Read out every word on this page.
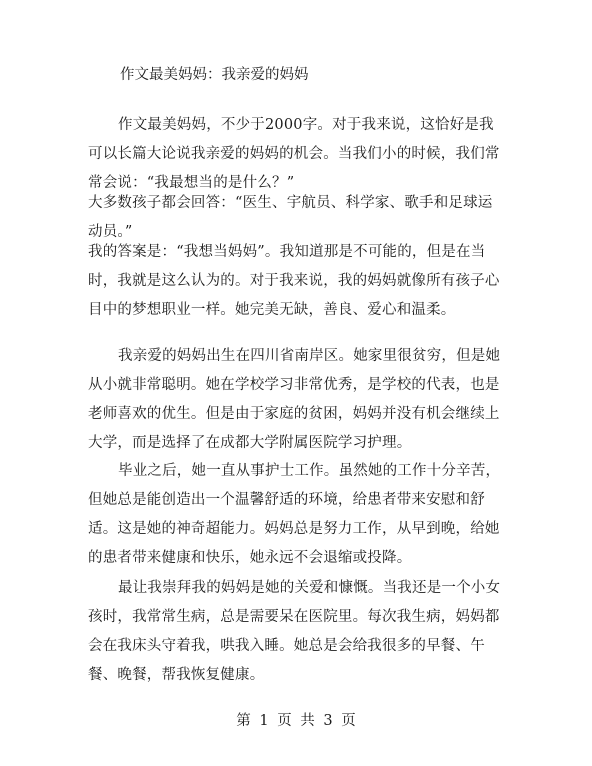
作文最美妈妈：我亲爱的妈妈

作文最美妈妈，不少于2000字。对于我来说，这恰好是我可以长篇大论说我亲爱的妈妈的机会。当我们小的时候，我们常常会说：“我最想当的是什么？”

大多数孩子都会回答：“医生、宇航员、科学家、歌手和足球运动员。”

我的答案是：“我想当妈妈”。我知道那是不可能的，但是在当时，我就是这么认为的。对于我来说，我的妈妈就像所有孩子心目中的梦想职业一样。她完美无缺，善良、爱心和温柔。

我亲爱的妈妈出生在四川省南岸区。她家里很贫穷，但是她从小就非常聪明。她在学校学习非常优秀，是学校的代表，也是老师喜欢的优生。但是由于家庭的贫困，妈妈并没有机会继续上大学，而是选择了在成都大学附属医院学习护理。

毕业之后，她一直从事护士工作。虽然她的工作十分辛苦，但她总是能创造出一个温馨舒适的环境，给患者带来安慰和舒适。这是她的神奇超能力。妈妈总是努力工作，从早到晚，给她的患者带来健康和快乐，她永远不会退缩或投降。

最让我崇拜我的妈妈是她的关爱和慷慨。当我还是一个小女孩时，我常常生病，总是需要呆在医院里。每次我生病，妈妈都会在我床头守着我，哄我入睡。她总是会给我很多的早餐、午餐、晚餐，帮我恢复健康。

第 1 页 共 3 页
